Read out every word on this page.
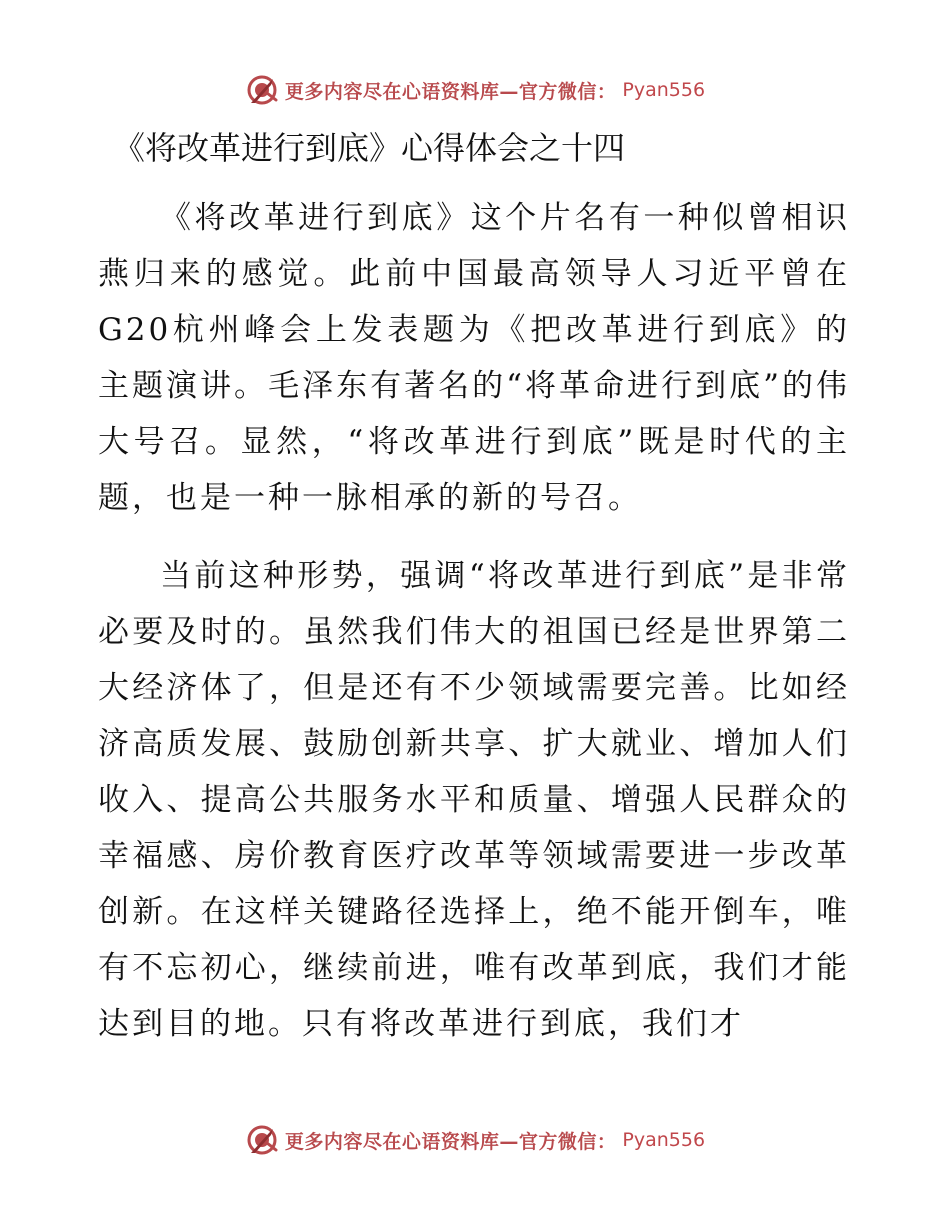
更多内容尽在心语资料库—官方微信： Pyan556
《将改革进行到底》心得体会之十四

《将改革进行到底》这个片名有一种似曾相识燕归来的感觉。此前中国最高领导人习近平曾在G20杭州峰会上发表题为《把改革进行到底》的主题演讲。毛泽东有著名的“将革命进行到底”的伟大号召。显然，“将改革进行到底”既是时代的主题，也是一种一脉相承的新的号召。

当前这种形势，强调“将改革进行到底”是非常必要及时的。虽然我们伟大的祖国已经是世界第二大经济体了，但是还有不少领域需要完善。比如经济高质发展、鼓励创新共享、扩大就业、增加人们收入、提高公共服务水平和质量、增强人民群众的幸福感、房价教育医疗改革等领域需要进一步改革创新。在这样关键路径选择上，绝不能开倒车，唯有不忘初心，继续前进，唯有改革到底，我们才能达到目的地。只有将改革进行到底，我们才

更多内容尽在心语资料库—官方微信： Pyan556
